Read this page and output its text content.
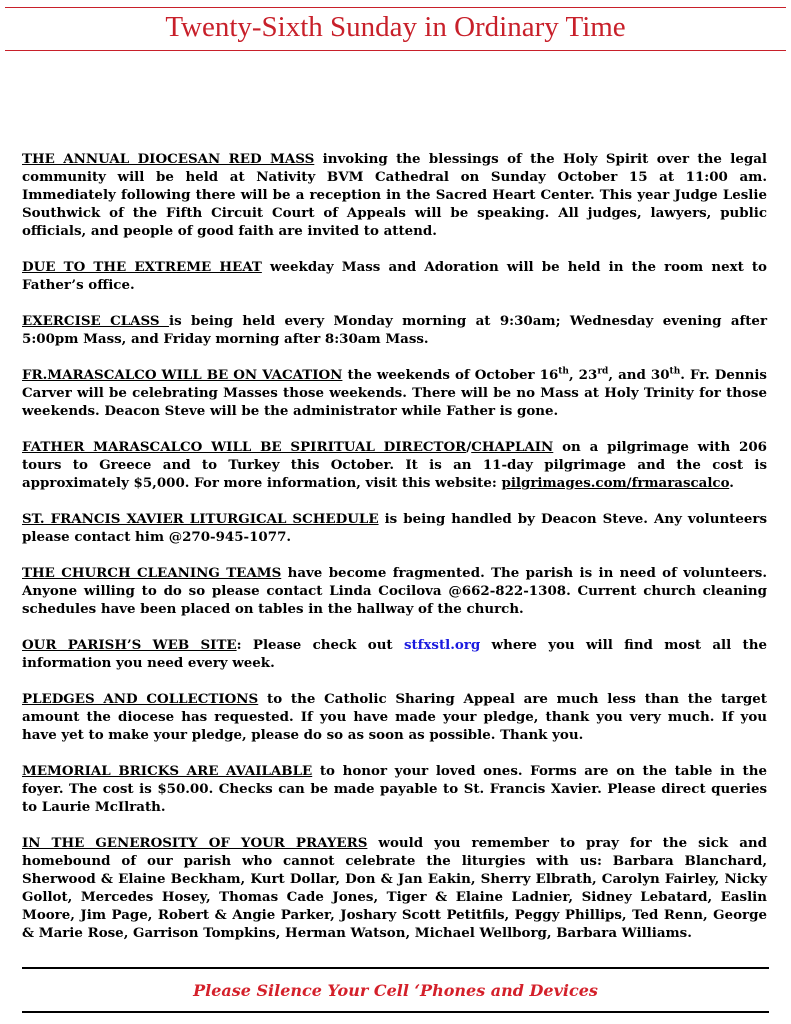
Twenty-Sixth Sunday in Ordinary Time

THE ANNUAL DIOCESAN RED MASS invoking the blessings of the Holy Spirit over the legal community will be held at Nativity BVM Cathedral on Sunday October 15 at 11:00 am. Immediately following there will be a reception in the Sacred Heart Center. This year Judge Leslie Southwick of the Fifth Circuit Court of Appeals will be speaking. All judges, lawyers, public officials, and people of good faith are invited to attend.

DUE TO THE EXTREME HEAT weekday Mass and Adoration will be held in the room next to Father’s office.

EXERCISE CLASS is being held every Monday morning at 9:30am; Wednesday evening after 5:00pm Mass, and Friday morning after 8:30am Mass.

FR.MARASCALCO WILL BE ON VACATION the weekends of October 16th, 23rd, and 30th. Fr. Dennis Carver will be celebrating Masses those weekends. There will be no Mass at Holy Trinity for those weekends. Deacon Steve will be the administrator while Father is gone.

FATHER MARASCALCO WILL BE SPIRITUAL DIRECTOR/CHAPLAIN on a pilgrimage with 206 tours to Greece and to Turkey this October. It is an 11-day pilgrimage and the cost is approximately $5,000. For more information, visit this website: pilgrimages.com/frmarascalco.

ST. FRANCIS XAVIER LITURGICAL SCHEDULE is being handled by Deacon Steve. Any volunteers please contact him @270-945-1077.

THE CHURCH CLEANING TEAMS have become fragmented. The parish is in need of volunteers. Anyone willing to do so please contact Linda Cocilova @662-822-1308. Current church cleaning schedules have been placed on tables in the hallway of the church.

OUR PARISH’S WEB SITE: Please check out stfxstl.org where you will find most all the information you need every week.

PLEDGES AND COLLECTIONS to the Catholic Sharing Appeal are much less than the target amount the diocese has requested. If you have made your pledge, thank you very much. If you have yet to make your pledge, please do so as soon as possible. Thank you.

MEMORIAL BRICKS ARE AVAILABLE to honor your loved ones. Forms are on the table in the foyer. The cost is $50.00. Checks can be made payable to St. Francis Xavier. Please direct queries to Laurie McIlrath.

IN THE GENEROSITY OF YOUR PRAYERS would you remember to pray for the sick and homebound of our parish who cannot celebrate the liturgies with us: Barbara Blanchard, Sherwood & Elaine Beckham, Kurt Dollar, Don & Jan Eakin, Sherry Elbrath, Carolyn Fairley, Nicky Gollot, Mercedes Hosey, Thomas Cade Jones, Tiger & Elaine Ladnier, Sidney Lebatard, Easlin Moore, Jim Page, Robert & Angie Parker, Joshary Scott Petitfils, Peggy Phillips, Ted Renn, George & Marie Rose, Garrison Tompkins, Herman Watson, Michael Wellborg, Barbara Williams.

Please Silence Your Cell ‘Phones and Devices
